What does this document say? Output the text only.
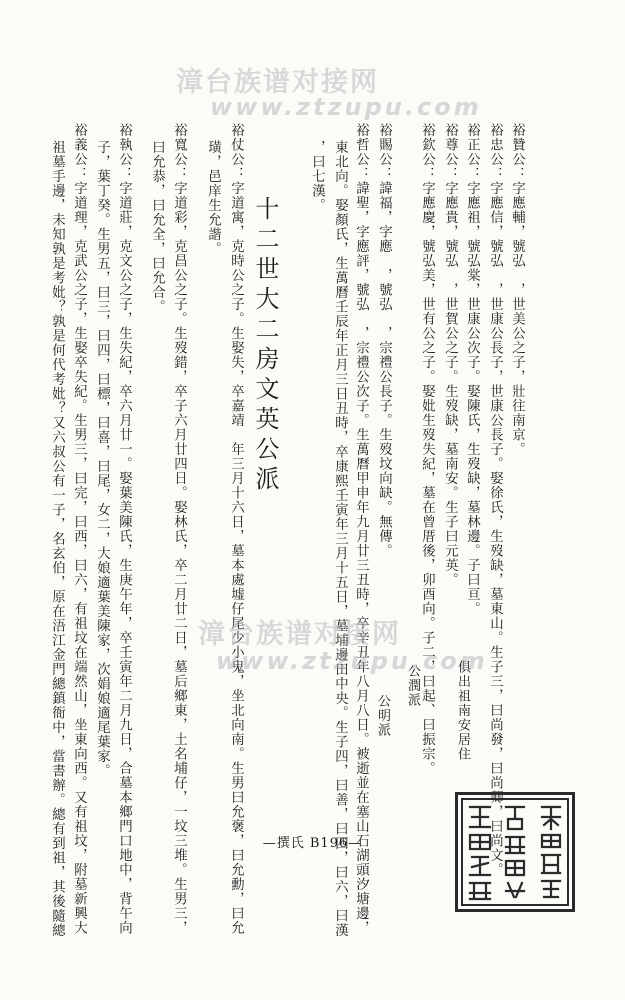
裕贊公：字應輔，號弘　，世美公之子，壯往南京。
裕忠公：字應信，號弘　，世康公長子，世康公長子。娶徐氏，生歿缺，墓東山。生子三，曰尚發，曰尚卿，曰尚文。
裕正公：字應祖，號弘棠，世康公次子。娶陳氏，生歿缺，墓林邊。子曰亘。
裕尊公：字應貴，號弘　，世賀公之子。生歿缺，墓南安。生子曰元英。
裕欽公：字應慶，號弘美，世有公之子。娶妣生歿失紀，墓在曾厝後，卯酉向。子二，曰起、曰振宗。
裕賜公：諱福，字應　，號弘　，宗禮公長子。生歿坟向缺。無傳。
裕哲公：諱聖，字應評，號弘　，宗禮公次子。生萬曆甲申年九月廿三丑時，卒辛丑年八月八日。被逝並在塞山石湖頭汐塘邊，
東北向。娶顏氏，生萬曆壬辰年正月三日丑時，卒康熙壬寅年三月十五日，墓埔邊田中央。生子四，曰善，曰四，曰六，曰漢
，曰七漢。
十二世大二房文英公派
裕仗公：字道寓，克時公之子。生娶失，卒嘉靖　年三月十六日，墓本處墟仔尾少小鬼，坐北向南。生男曰允褒，曰允勳，曰允
璜，邑庠生允諧。
裕寬公：字道彩，克昌公之子。生歿錯，卒子六月廿四日。娶林氏，卒二月廿二日，墓后鄉東，土名埔仔，一坟三堆。生男三，
曰允恭，曰允全，曰允合。
裕執公：字道莊，克文公之子，生失紀，卒六月廿一。娶葉美陳氏，生庚午年，卒壬寅年二月九日，合墓本鄉門口地中，背午向
子，葉丁癸。生男五，曰三，曰四，曰標，曰喜，曰尾，女二，大娘適葉美陳家，次娟娘適尾葉家。
裕義公：字道理，克武公之子，生娶卒失紀。生男三，曰完，曰西，曰六，有祖坟在端然山，坐東向西。又有祖坟，附墓新興大
祖墓手邊，未知孰是考妣？孰是何代考妣？又六叔公有一子，名玄伯，原在浯江金門總鎮衙中，當書辦。總有到祖，其後隨總	俱出祖南安居住
公潤派
公明派
漳台族谱对接网
www.ztzupu.com
漳台族谱对接网
www.ztzupu.com
—撰氏 B196—
